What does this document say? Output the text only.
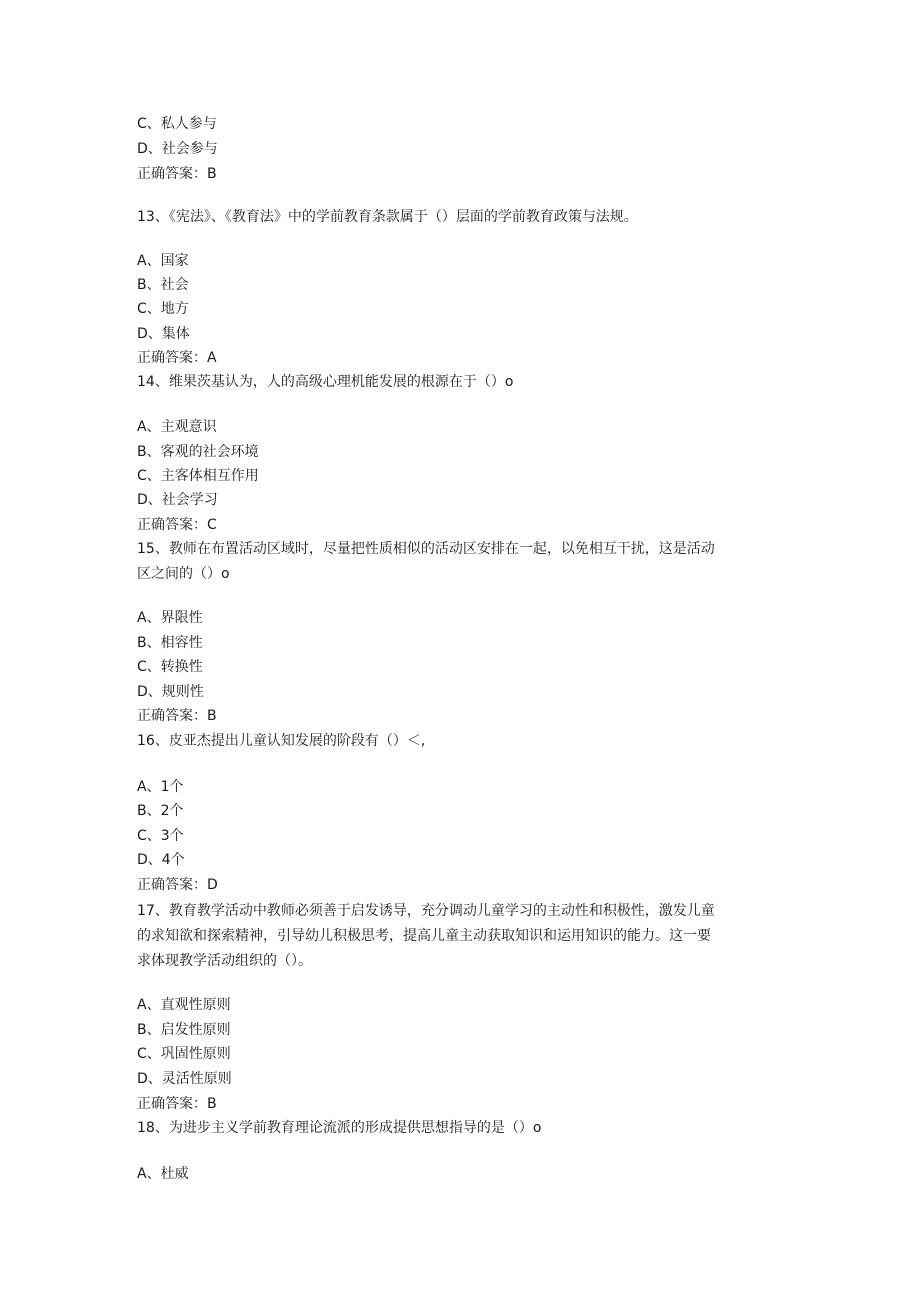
C、私人参与
D、社会参与
正确答案：B
13、《宪法》、《教育法》中的学前教育条款属于（）层面的学前教育政策与法规。
A、国家
B、社会
C、地方
D、集体
正确答案：A
14、维果茨基认为，人的高级心理机能发展的根源在于（）o
A、主观意识
B、客观的社会环境
C、主客体相互作用
D、社会学习
正确答案：C
15、教师在布置活动区域时，尽量把性质相似的活动区安排在一起，以免相互干扰，这是活动
区之间的（）o
A、界限性
B、相容性
C、转换性
D、规则性
正确答案：B
16、皮亚杰提出儿童认知发展的阶段有（）＜,
A、1个
B、2个
C、3个
D、4个
正确答案：D
17、教育教学活动中教师必须善于启发诱导，充分调动儿童学习的主动性和积极性，激发儿童
的求知欲和探索精神，引导幼儿积极思考，提高儿童主动获取知识和运用知识的能力。这一要
求体现教学活动组织的（）。
A、直观性原则
B、启发性原则
C、巩固性原则
D、灵活性原则
正确答案：B
18、为进步主义学前教育理论流派的形成提供思想指导的是（）o
A、杜威
